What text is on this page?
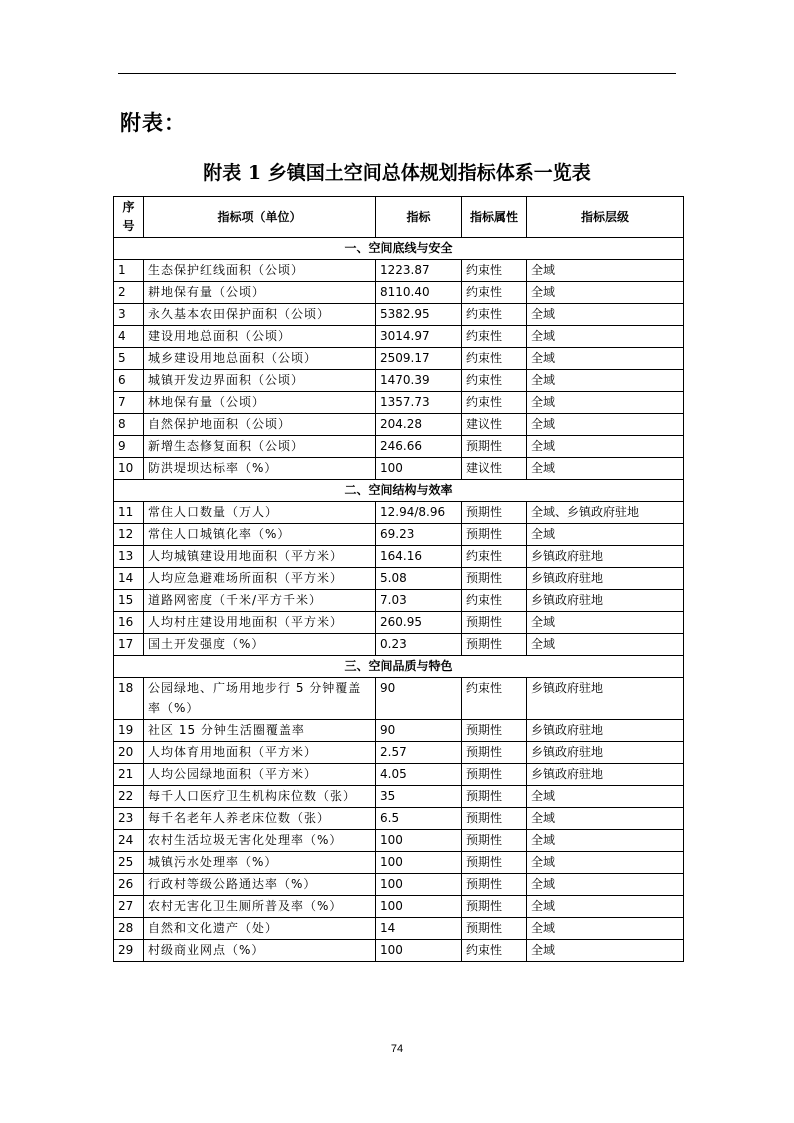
附表：
附表 1 乡镇国土空间总体规划指标体系一览表
序号	指标项（单位）	指标	指标属性	指标层级
一、空间底线与安全				
1	生态保护红线面积（公顷）	1223.87	约束性	全域
2	耕地保有量（公顷）	8110.40	约束性	全域
3	永久基本农田保护面积（公顷）	5382.95	约束性	全域
4	建设用地总面积（公顷）	3014.97	约束性	全域
5	城乡建设用地总面积（公顷）	2509.17	约束性	全域
6	城镇开发边界面积（公顷）	1470.39	约束性	全域
7	林地保有量（公顷）	1357.73	约束性	全域
8	自然保护地面积（公顷）	204.28	建议性	全域
9	新增生态修复面积（公顷）	246.66	预期性	全域
10	防洪堤坝达标率（%）	100	建议性	全域
二、空间结构与效率				
11	常住人口数量（万人）	12.94/8.96	预期性	全域、乡镇政府驻地
12	常住人口城镇化率（%）	69.23	预期性	全域
13	人均城镇建设用地面积（平方米）	164.16	约束性	乡镇政府驻地
14	人均应急避难场所面积（平方米）	5.08	预期性	乡镇政府驻地
15	道路网密度（千米/平方千米）	7.03	约束性	乡镇政府驻地
16	人均村庄建设用地面积（平方米）	260.95	预期性	全域
17	国土开发强度（%）	0.23	预期性	全域
三、空间品质与特色				
18	公园绿地、广场用地步行 5 分钟覆盖率（%）	90	约束性	乡镇政府驻地
19	社区 15 分钟生活圈覆盖率	90	预期性	乡镇政府驻地
20	人均体育用地面积（平方米）	2.57	预期性	乡镇政府驻地
21	人均公园绿地面积（平方米）	4.05	预期性	乡镇政府驻地
22	每千人口医疗卫生机构床位数（张）	35	预期性	全域
23	每千名老年人养老床位数（张）	6.5	预期性	全域
24	农村生活垃圾无害化处理率（%）	100	预期性	全域
25	城镇污水处理率（%）	100	预期性	全域
26	行政村等级公路通达率（%）	100	预期性	全域
27	农村无害化卫生厕所普及率（%）	100	预期性	全域
28	自然和文化遗产（处）	14	预期性	全域
29	村级商业网点（%）	100	约束性	全域
74
